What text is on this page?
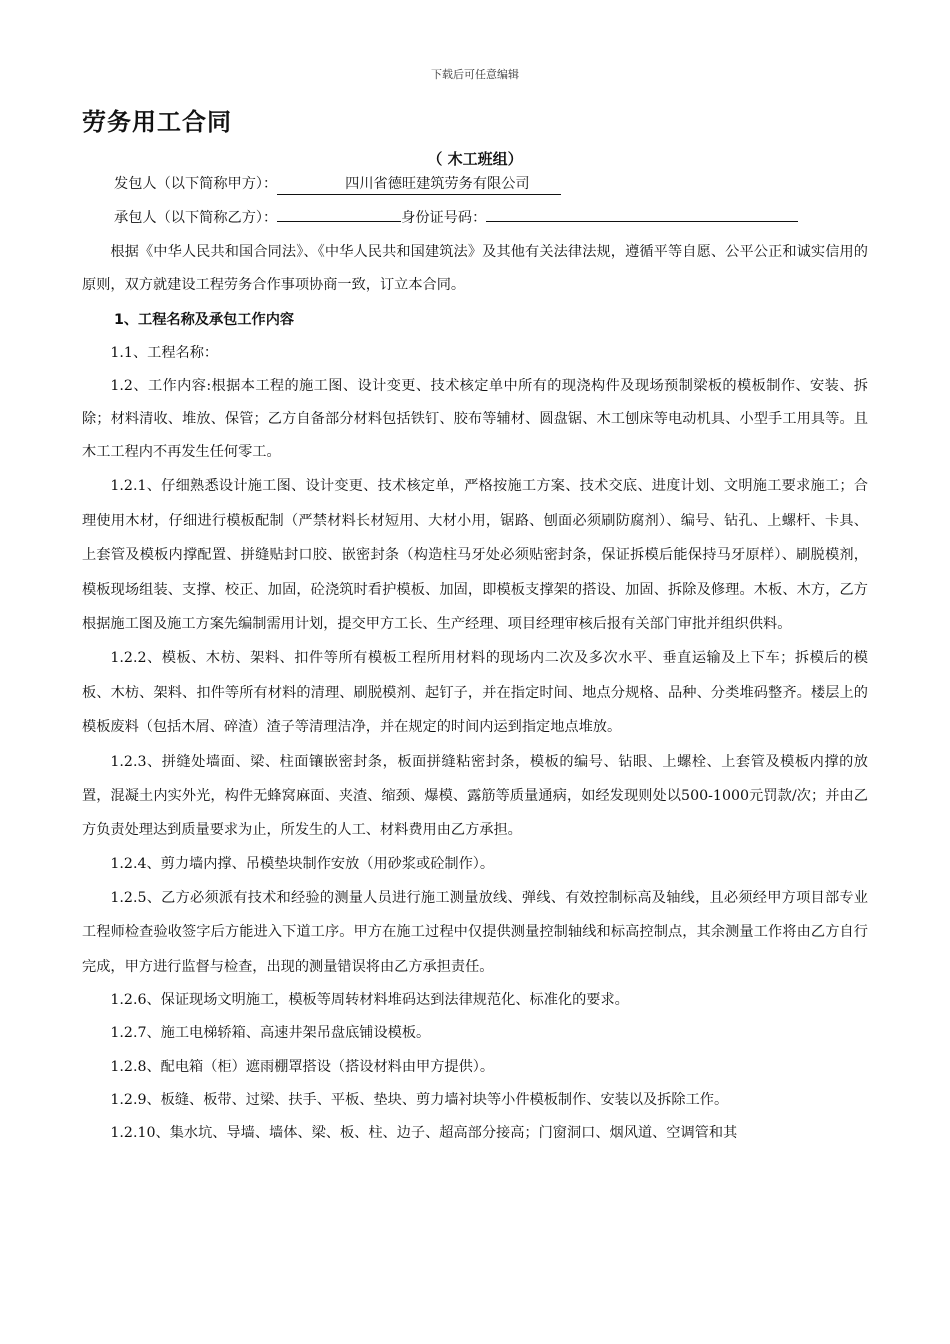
下载后可任意编辑
劳务用工合同
（ 木工班组）
发包人（以下简称甲方）：	四川省德旺建筑劳务有限公司
承包人（以下简称乙方）：	身份证号码：

根据《中华人民共和国合同法》、《中华人民共和国建筑法》及其他有关法律法规，遵循平等自愿、公平公正和诚实信用的原则，双方就建设工程劳务合作事项协商一致，订立本合同。

1、工程名称及承包工作内容

1.1、工程名称：

1.2、工作内容:根据本工程的施工图、设计变更、技术核定单中所有的现浇构件及现场预制梁板的模板制作、安装、拆除；材料清收、堆放、保管；乙方自备部分材料包括铁钉、胶布等辅材、圆盘锯、木工刨床等电动机具、小型手工用具等。且木工工程内不再发生任何零工。

1.2.1、仔细熟悉设计施工图、设计变更、技术核定单，严格按施工方案、技术交底、进度计划、文明施工要求施工；合理使用木材，仔细进行模板配制（严禁材料长材短用、大材小用，锯路、刨面必须刷防腐剂）、编号、钻孔、上螺杆、卡具、上套管及模板内撑配置、拼缝贴封口胶、嵌密封条（构造柱马牙处必须贴密封条，保证拆模后能保持马牙原样）、刷脱模剂，模板现场组装、支撑、校正、加固，砼浇筑时看护模板、加固，即模板支撑架的搭设、加固、拆除及修理。木板、木方，乙方根据施工图及施工方案先编制需用计划，提交甲方工长、生产经理、项目经理审核后报有关部门审批并组织供料。

1.2.2、模板、木枋、架料、扣件等所有模板工程所用材料的现场内二次及多次水平、垂直运输及上下车；拆模后的模板、木枋、架料、扣件等所有材料的清理、刷脱模剂、起钉子，并在指定时间、地点分规格、品种、分类堆码整齐。楼层上的模板废料（包括木屑、碎渣）渣子等清理洁净，并在规定的时间内运到指定地点堆放。

1.2.3、拼缝处墙面、梁、柱面镶嵌密封条，板面拼缝粘密封条，模板的编号、钻眼、上螺栓、上套管及模板内撑的放置，混凝土内实外光，构件无蜂窝麻面、夹渣、缩颈、爆模、露筋等质量通病，如经发现则处以500-1000元罚款/次；并由乙方负责处理达到质量要求为止，所发生的人工、材料费用由乙方承担。

1.2.4、剪力墙内撑、吊模垫块制作安放（用砂浆或砼制作）。

1.2.5、乙方必须派有技术和经验的测量人员进行施工测量放线、弹线、有效控制标高及轴线，且必须经甲方项目部专业工程师检查验收签字后方能进入下道工序。甲方在施工过程中仅提供测量控制轴线和标高控制点，其余测量工作将由乙方自行完成，甲方进行监督与检查，出现的测量错误将由乙方承担责任。

1.2.6、保证现场文明施工，模板等周转材料堆码达到法律规范化、标准化的要求。

1.2.7、施工电梯轿箱、高速井架吊盘底铺设模板。

1.2.8、配电箱（柜）遮雨棚罩搭设（搭设材料由甲方提供）。

1.2.9、板缝、板带、过梁、扶手、平板、垫块、剪力墙衬块等小件模板制作、安装以及拆除工作。

1.2.10、集水坑、导墙、墙体、梁、板、柱、边子、超高部分接高；门窗洞口、烟风道、空调管和其
